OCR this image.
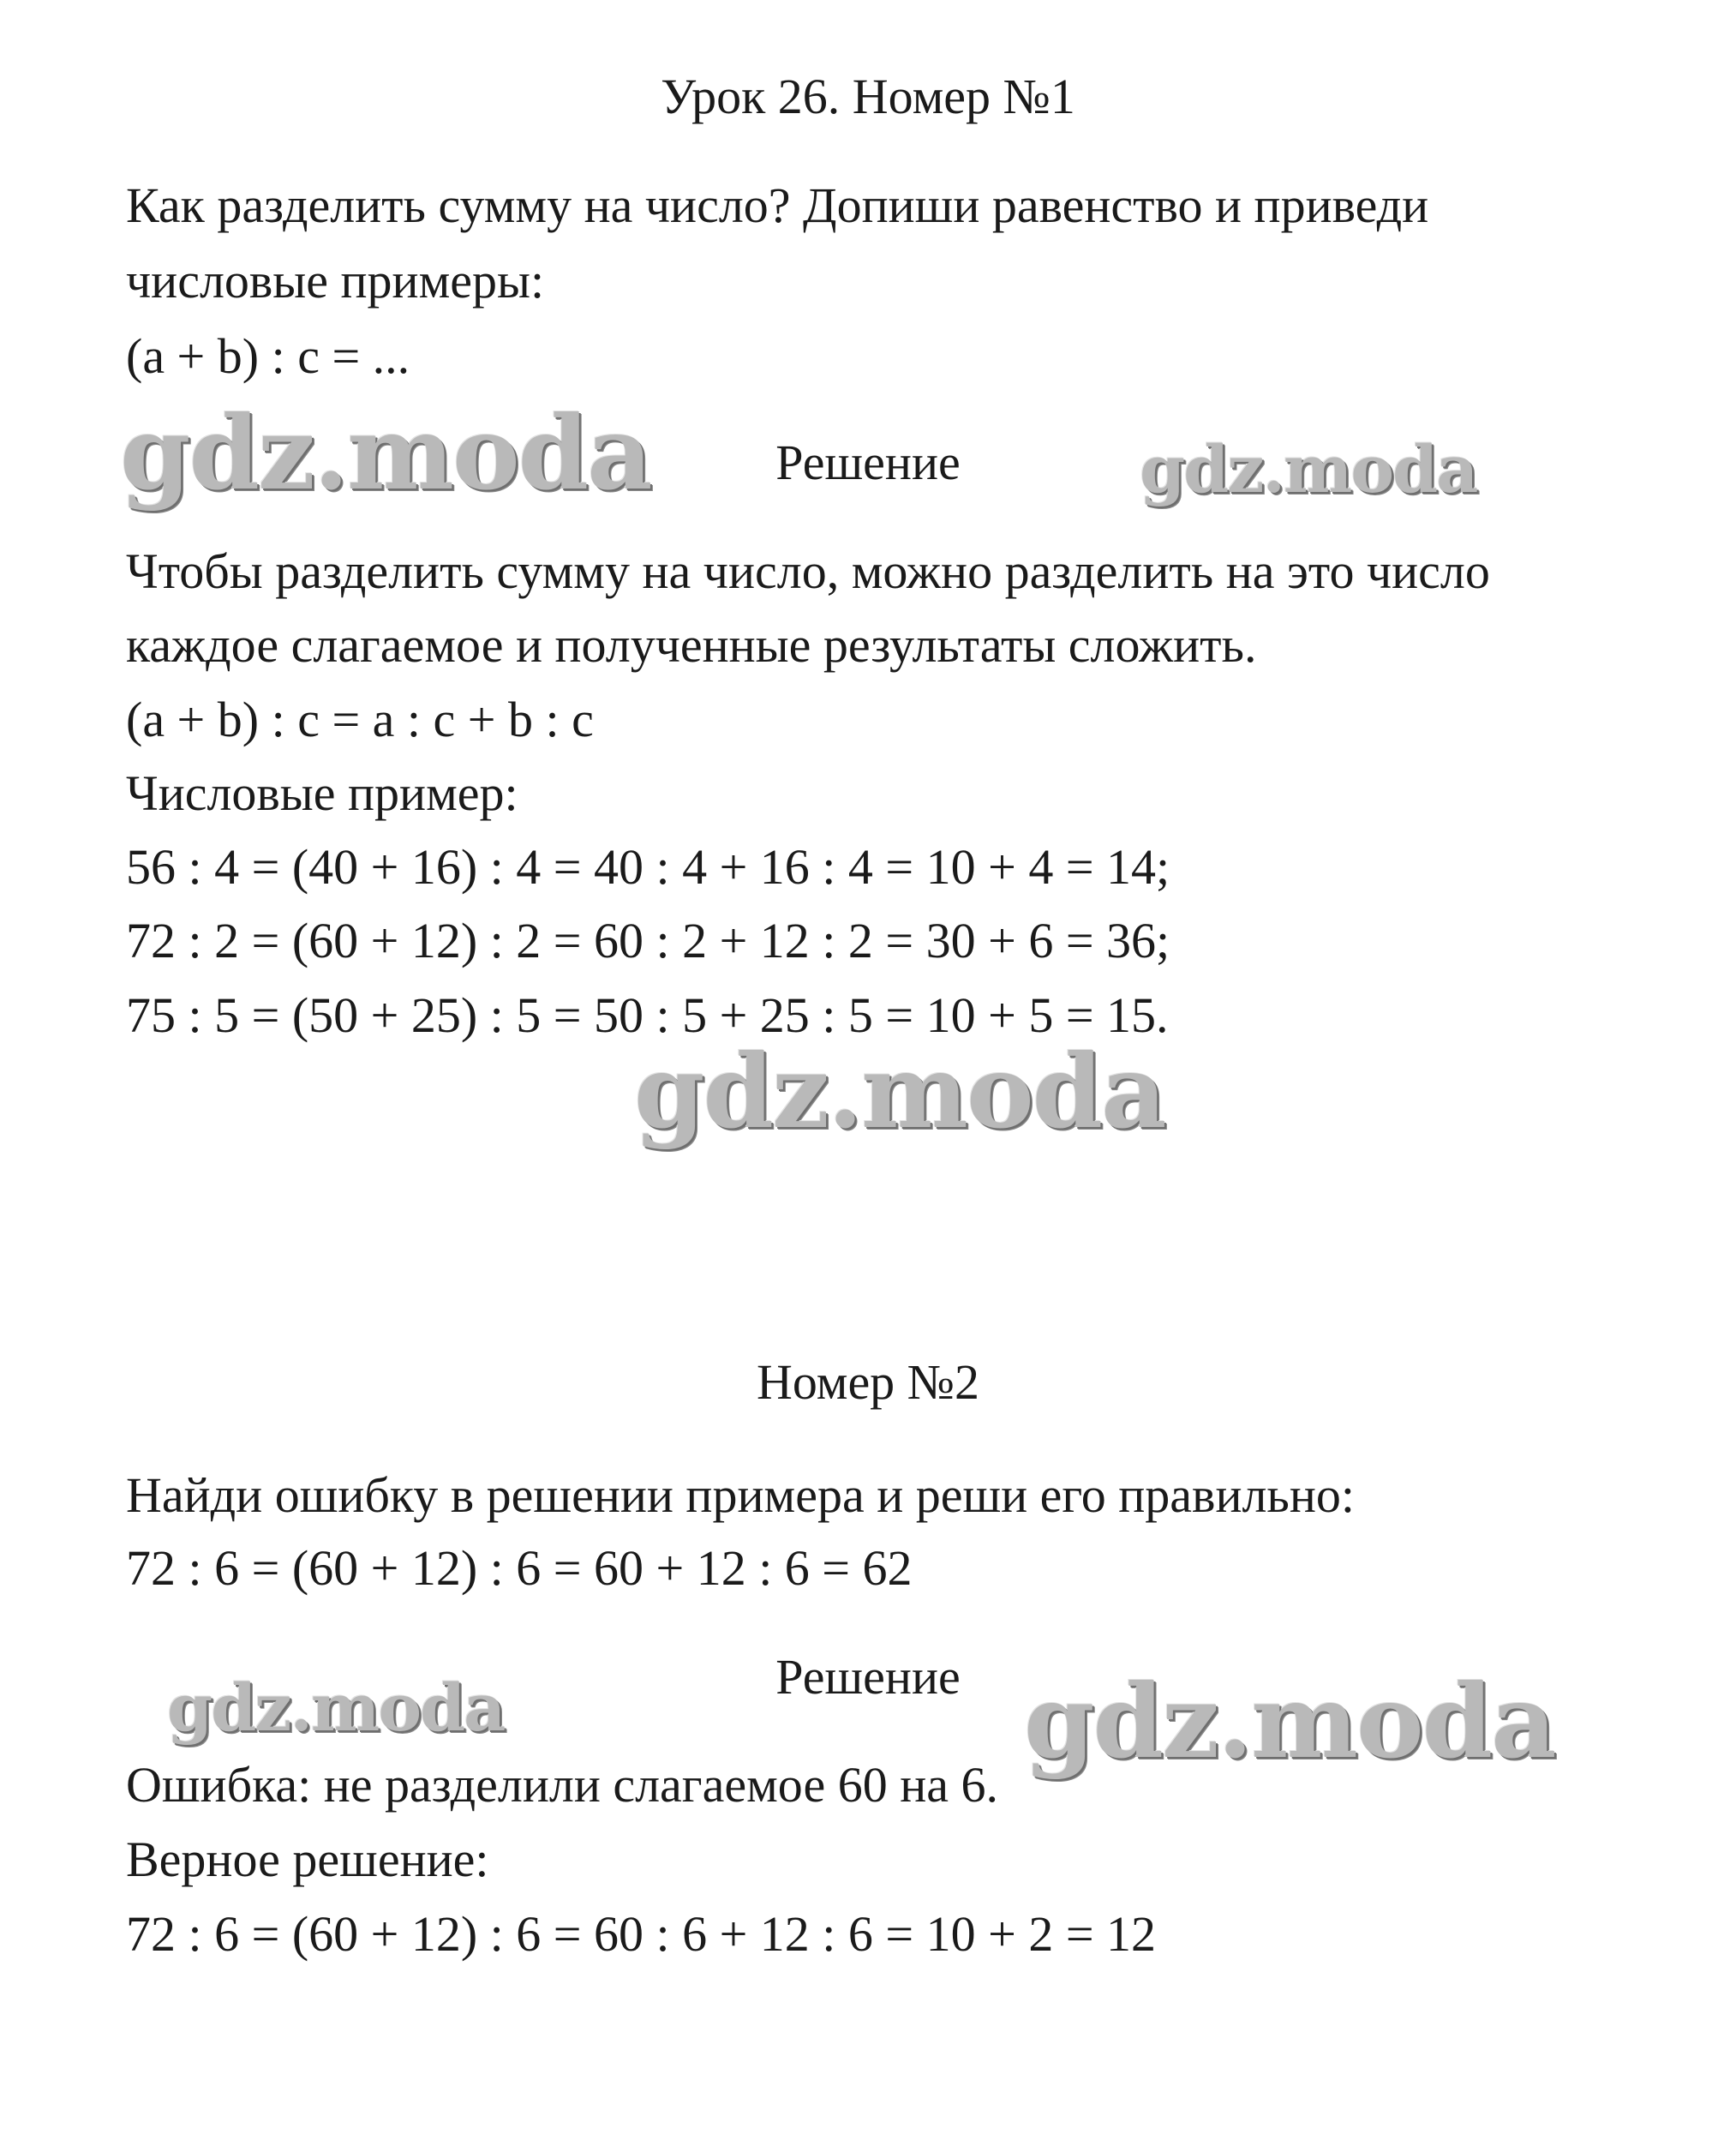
Урок 26. Номер №1

Как разделить сумму на число? Допиши равенство и приведи

числовые примеры:

(a + b) : c = ...

gdz.moda	Решение	gdz.moda

Чтобы разделить сумму на число, можно разделить на это число

каждое слагаемое и полученные результаты сложить.

(a + b) : c = a : c + b : c

Числовые пример:

56 : 4 = (40 + 16) : 4 = 40 : 4 + 16 : 4 = 10 + 4 = 14;

72 : 2 = (60 + 12) : 2 = 60 : 2 + 12 : 2 = 30 + 6 = 36;

75 : 5 = (50 + 25) : 5 = 50 : 5 + 25 : 5 = 10 + 5 = 15.

gdz.moda
Номер №2

Найди ошибку в решении примера и реши его правильно:

72 : 6 = (60 + 12) : 6 = 60 + 12 : 6 = 62

gdz.moda	Решение gdz.moda

Ошибка: не разделили слагаемое 60 на 6.

Верное решение:

72 : 6 = (60 + 12) : 6 = 60 : 6 + 12 : 6 = 10 + 2 = 12
